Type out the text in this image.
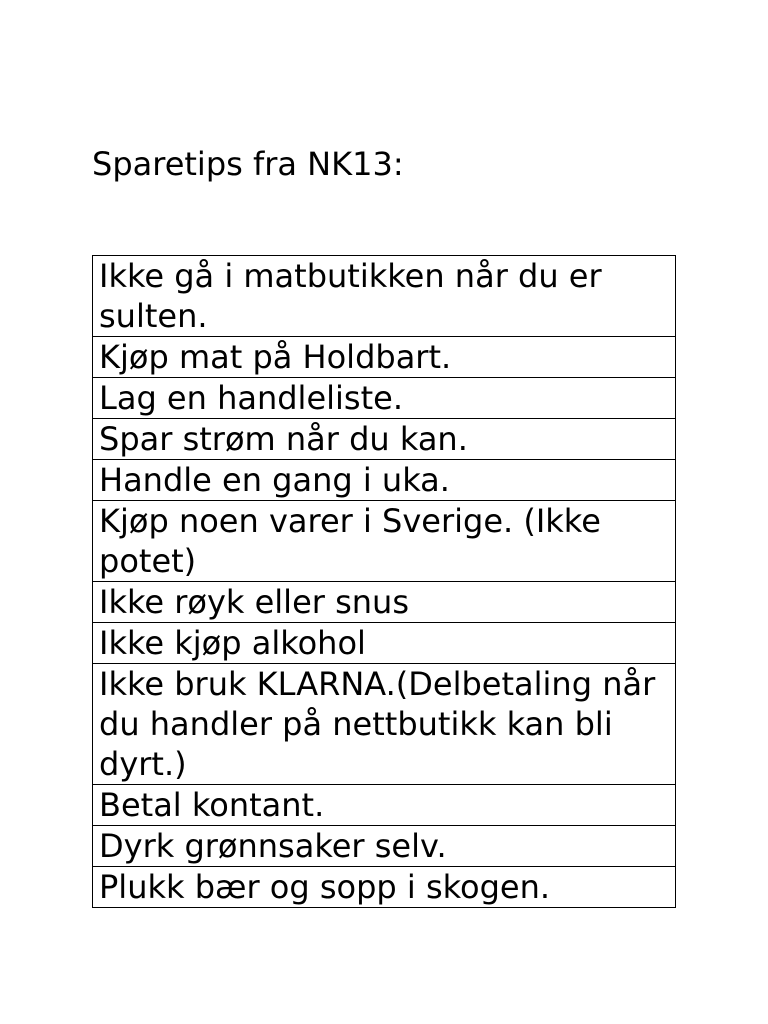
Sparetips fra NK13:
Ikke gå i matbutikken når du er sulten.
Kjøp mat på Holdbart.
Lag en handleliste.
Spar strøm når du kan.
Handle en gang i uka.
Kjøp noen varer i Sverige. (Ikke potet)
Ikke røyk eller snus
Ikke kjøp alkohol
Ikke bruk KLARNA.(Delbetaling når du handler på nettbutikk kan bli dyrt.)
Betal kontant.
Dyrk grønnsaker selv.
Plukk bær og sopp i skogen.
